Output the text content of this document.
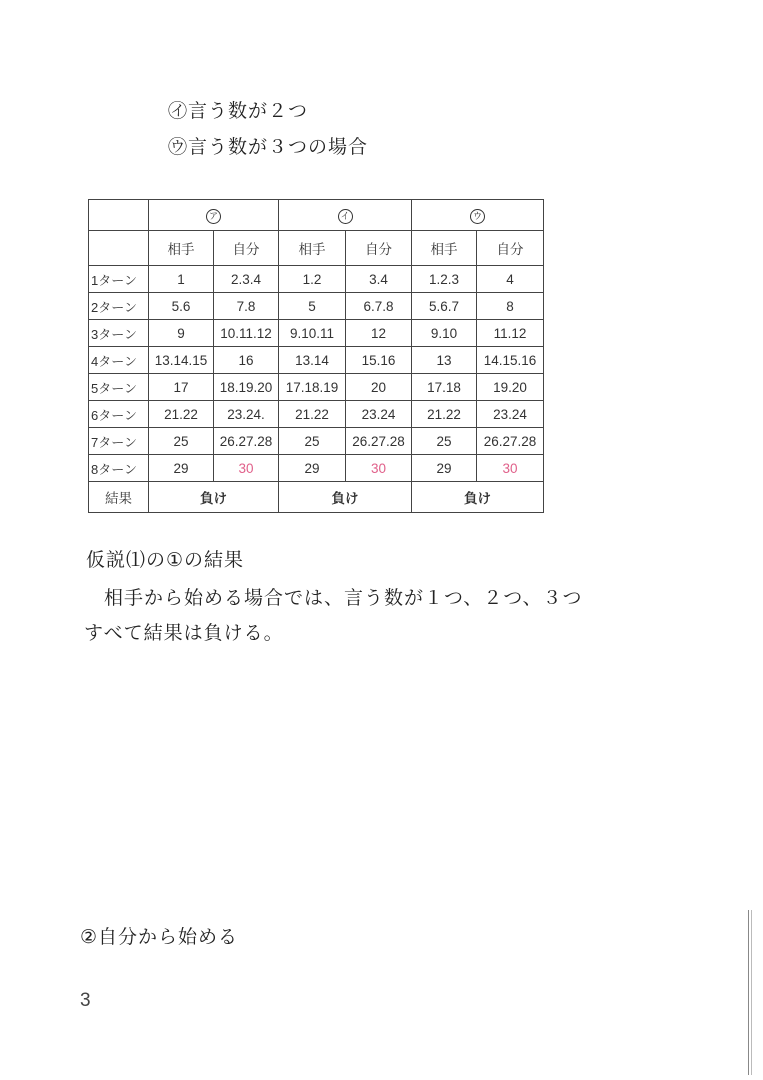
㋑言う数が２つ
㋒言う数が３つの場合
	ア		イ		ウ	
	相手	自分	相手	自分	相手	自分
1ターン	1	2.3.4	1.2	3.4	1.2.3	4
2ターン	5.6	7.8	5	6.7.8	5.6.7	8
3ターン	9	10.11.12	9.10.11	12	9.10	11.12
4ターン	13.14.15	16	13.14	15.16	13	14.15.16
5ターン	17	18.19.20	17.18.19	20	17.18	19.20
6ターン	21.22	23.24.	21.22	23.24	21.22	23.24
7ターン	25	26.27.28	25	26.27.28	25	26.27.28
8ターン	29	30	29	30	29	30
結果	負け		負け		負け	
仮説⑴の①の結果
相手から始める場合では、言う数が１つ、２つ、３つ
すべて結果は負ける。
②自分から始める
3
